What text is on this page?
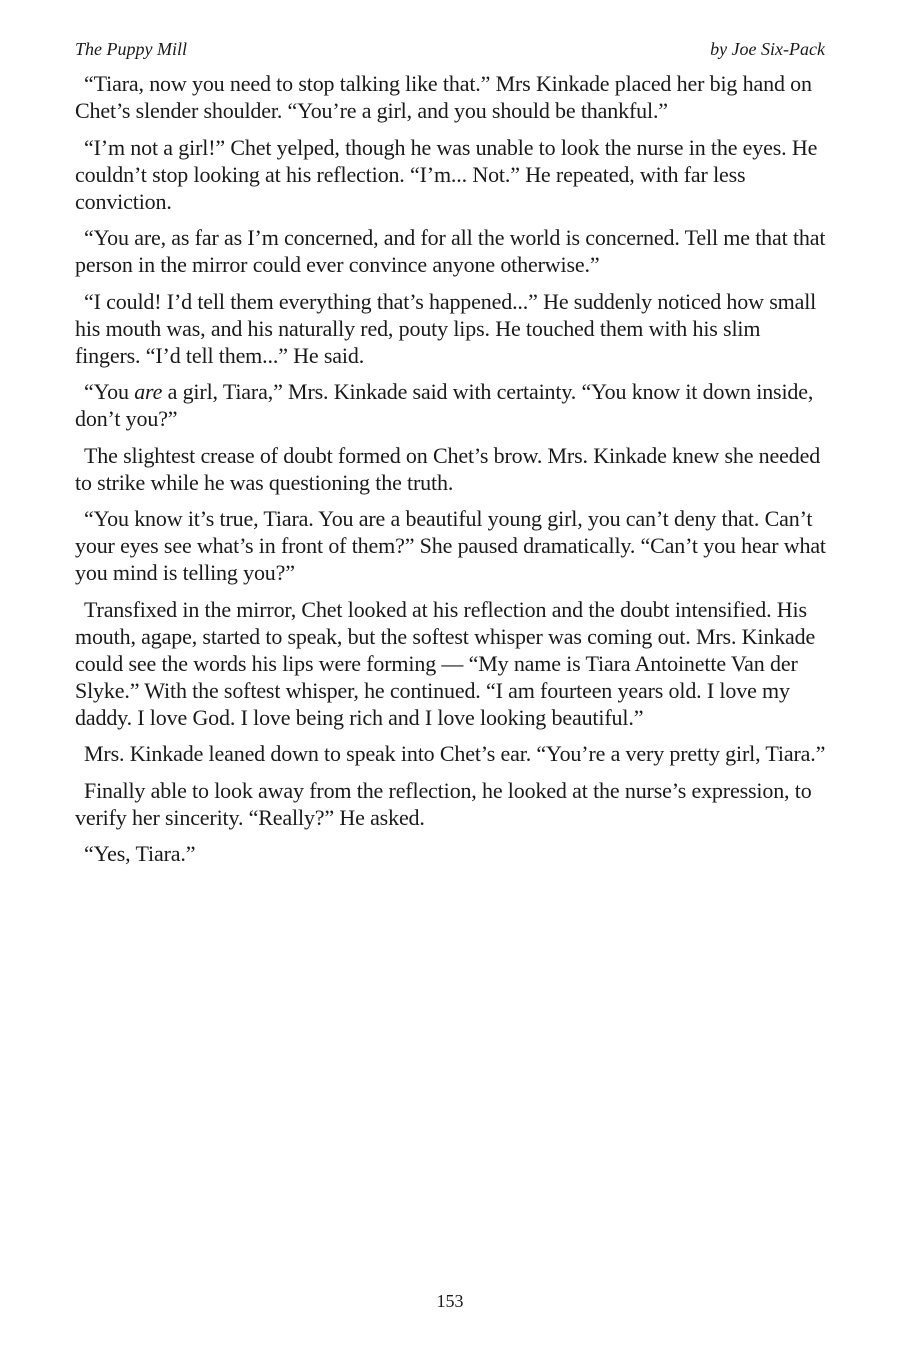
The Puppy Mill	by Joe Six-Pack

“Tiara, now you need to stop talking like that.” Mrs Kinkade placed her big hand on Chet’s slender shoulder. “You’re a girl, and you should be thankful.”

“I’m not a girl!” Chet yelped, though he was unable to look the nurse in the eyes. He couldn’t stop looking at his reflection. “I’m... Not.” He repeated, with far less conviction.

“You are, as far as I’m concerned, and for all the world is concerned. Tell me that that person in the mirror could ever convince anyone otherwise.”

“I could! I’d tell them everything that’s happened...” He suddenly noticed how small his mouth was, and his naturally red, pouty lips. He touched them with his slim fingers. “I’d tell them...” He said.

“You are a girl, Tiara,” Mrs. Kinkade said with certainty. “You know it down inside, don’t you?”

The slightest crease of doubt formed on Chet’s brow. Mrs. Kinkade knew she needed to strike while he was questioning the truth.

“You know it’s true, Tiara. You are a beautiful young girl, you can’t deny that. Can’t your eyes see what’s in front of them?” She paused dramatically. “Can’t you hear what you mind is telling you?”

Transfixed in the mirror, Chet looked at his reflection and the doubt intensified. His mouth, agape, started to speak, but the softest whisper was coming out. Mrs. Kinkade could see the words his lips were forming — “My name is Tiara Antoinette Van der Slyke.” With the softest whisper, he continued. “I am fourteen years old. I love my daddy. I love God. I love being rich and I love looking beautiful.”

Mrs. Kinkade leaned down to speak into Chet’s ear. “You’re a very pretty girl, Tiara.”

Finally able to look away from the reflection, he looked at the nurse’s expression, to verify her sincerity. “Really?” He asked.

“Yes, Tiara.”

153
